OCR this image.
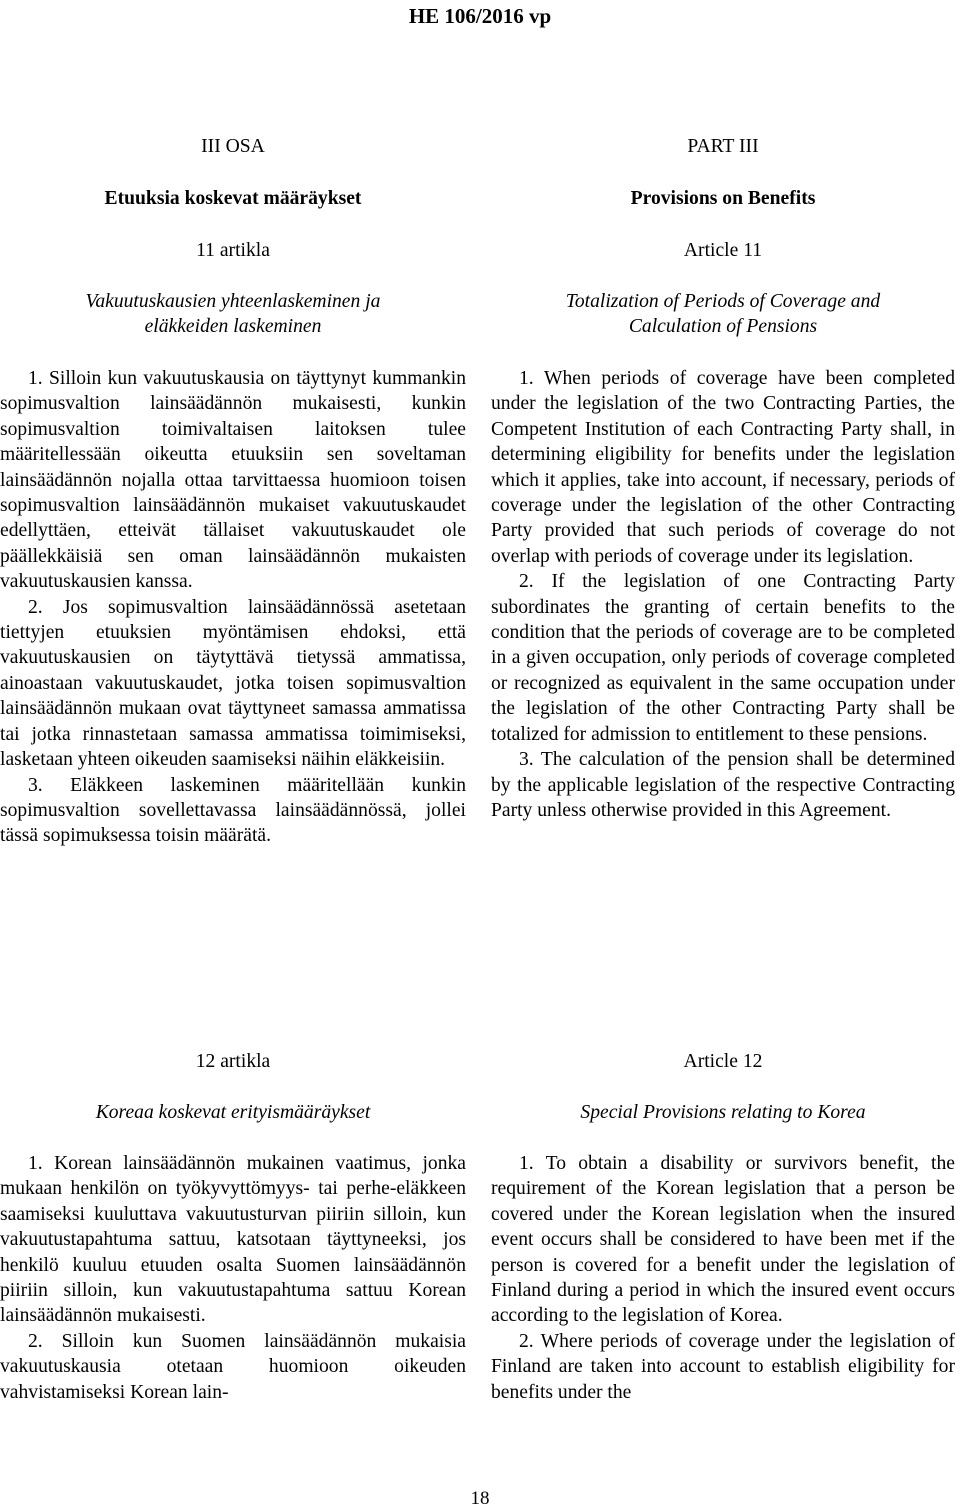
HE 106/2016 vp
III OSA
Etuuksia koskevat määräykset
11 artikla
Vakuutuskausien yhteenlaskeminen ja
eläkkeiden laskeminen

1. Silloin kun vakuutuskausia on täyttynyt kummankin sopimusvaltion lainsäädännön mukaisesti, kunkin sopimusvaltion toimivaltaisen laitoksen tulee määritellessään oikeutta etuuksiin sen soveltaman lainsäädännön nojalla ottaa tarvittaessa huomioon toisen sopimusvaltion lainsäädännön mukaiset vakuutuskaudet edellyttäen, etteivät tällaiset vakuutuskaudet ole päällekkäisiä sen oman lainsäädännön mukaisten vakuutuskausien kanssa.

2. Jos sopimusvaltion lainsäädännössä asetetaan tiettyjen etuuksien myöntämisen ehdoksi, että vakuutuskausien on täytyttävä tietyssä ammatissa, ainoastaan vakuutuskaudet, jotka toisen sopimusvaltion lainsäädännön mukaan ovat täyttyneet samassa ammatissa tai jotka rinnastetaan samassa ammatissa toimimiseksi, lasketaan yhteen oikeuden saamiseksi näihin eläkkeisiin.

3. Eläkkeen laskeminen määritellään kunkin sopimusvaltion sovellettavassa lainsäädännössä, jollei tässä sopimuksessa toisin määrätä.

PART III
Provisions on Benefits
Article 11
Totalization of Periods of Coverage and
Calculation of Pensions

1. When periods of coverage have been completed under the legislation of the two Contracting Parties, the Competent Institution of each Contracting Party shall, in determining eligibility for benefits under the legislation which it applies, take into account, if necessary, periods of coverage under the legislation of the other Contracting Party provided that such periods of coverage do not overlap with periods of coverage under its legislation.

2. If the legislation of one Contracting Party subordinates the granting of certain benefits to the condition that the periods of coverage are to be completed in a given occupation, only periods of coverage completed or recognized as equivalent in the same occupation under the legislation of the other Contracting Party shall be totalized for admission to entitlement to these pensions.

3. The calculation of the pension shall be determined by the applicable legislation of the respective Contracting Party unless otherwise provided in this Agreement.

12 artikla
Koreaa koskevat erityismääräykset

1. Korean lainsäädännön mukainen vaatimus, jonka mukaan henkilön on työkyvyttömyys- tai perhe-eläkkeen saamiseksi kuuluttava vakuutusturvan piiriin silloin, kun vakuutustapahtuma sattuu, katsotaan täyttyneeksi, jos henkilö kuuluu etuuden osalta Suomen lainsäädännön piiriin silloin, kun vakuutustapahtuma sattuu Korean lainsäädännön mukaisesti.

2. Silloin kun Suomen lainsäädännön mukaisia vakuutuskausia otetaan huomioon oikeuden vahvistamiseksi Korean lain-

Article 12
Special Provisions relating to Korea

1. To obtain a disability or survivors benefit, the requirement of the Korean legislation that a person be covered under the Korean legislation when the insured event occurs shall be considered to have been met if the person is covered for a benefit under the legislation of Finland during a period in which the insured event occurs according to the legislation of Korea.

2. Where periods of coverage under the legislation of Finland are taken into account to establish eligibility for benefits under the

18
